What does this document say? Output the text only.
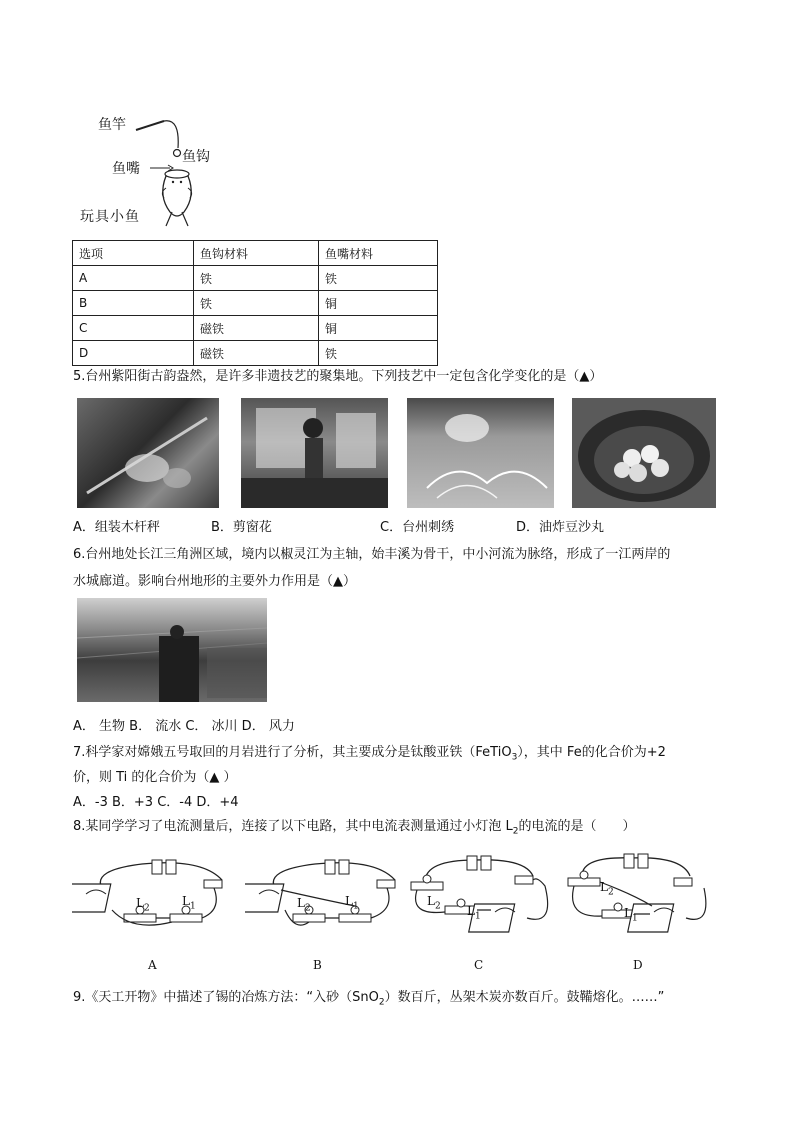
鱼竿
鱼钩
鱼嘴
玩具小鱼
选项	鱼钩材料	鱼嘴材料
A	铁	铁
B	铁	铜
C	磁铁	铜
D	磁铁	铁
5.台州紫阳街古韵盎然，是许多非遗技艺的聚集地。下列技艺中一定包含化学变化的是（▲）
A．组装木杆秤	B．剪窗花	C．台州刺绣	D．油炸豆沙丸
6.台州地处长江三角洲区域，境内以椒灵江为主轴，始丰溪为骨干，中小河流为脉络，形成了一江两岸的
水城廊道。影响台州地形的主要外力作用是（▲）
A． 生物 B． 流水 C． 冰川 D． 风力
7.科学家对嫦娥五号取回的月岩进行了分析，其主要成分是钛酸亚铁（FeTiO$_3$），其中 Fe的化合价为+2
价，则 Ti 的化合价为（▲ ）
A．-3 B．+3 C．-4 D．+4
8.某同学学习了电流测量后，连接了以下电路，其中电流表测量通过小灯泡 $L_2$的电流的是（　　）
$L_2$
$L_1$	$L_2$
$L_1$	$L_2$ $L_1$
$L_2$
$L_1$
A	B	C	D
9.《天工开物》中描述了锡的冶炼方法：“入砂（SnO$_2$）数百斤，丛架木炭亦数百斤。鼓鞴熔化。……”
